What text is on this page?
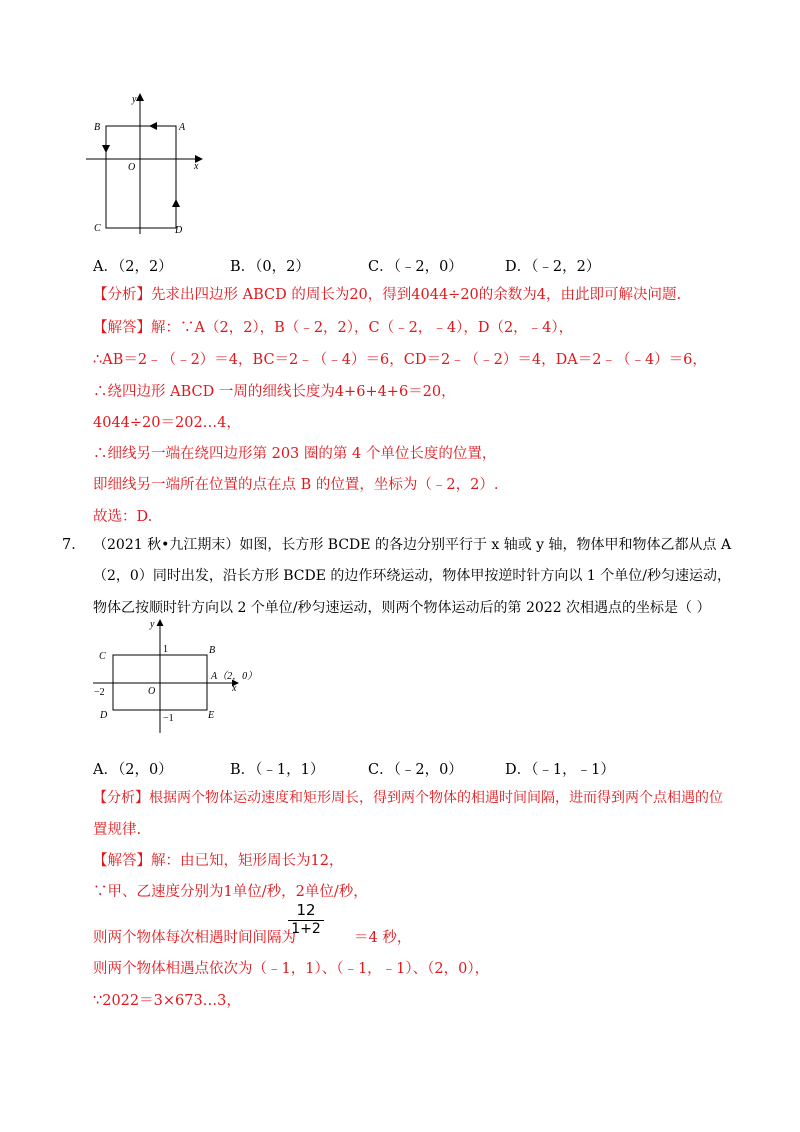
y
x
O
A
B
C	D
A．（2，2）	B．（0，2）	C．（﹣2，0）	D．（﹣2，2）
【分析】先求出四边形 ABCD 的周长为20，得到4044÷20的余数为4，由此即可解决问题.
【解答】解：∵A（2，2），B（﹣2，2），C（﹣2，﹣4），D（2，﹣4），
∴AB＝2﹣（﹣2）＝4，BC＝2﹣（﹣4）＝6，CD＝2﹣（﹣2）＝4，DA＝2﹣（﹣4）＝6，
∴绕四边形 ABCD 一周的细线长度为4+6+4+6＝20，
4044÷20＝202…4，
∴细线另一端在绕四边形第 203 圈的第 4 个单位长度的位置，
即细线另一端所在位置的点在点 B 的位置，坐标为（﹣2，2）.
故选：D.
7． （2021 秋•九江期末）如图，长方形 BCDE 的各边分别平行于 x 轴或 y 轴，物体甲和物体乙都从点 A
（2，0）同时出发，沿长方形 BCDE 的边作环绕运动，物体甲按逆时针方向以 1 个单位/秒匀速运动，
物体乙按顺时针方向以 2 个单位/秒匀速运动，则两个物体运动后的第 2022 次相遇点的坐标是（ ）
y
x
O
1
−1
−2
A（2，0）
B
C
D	E
A．（2，0）	B．（﹣1，1）	C．（﹣2，0）	D．（﹣1，﹣1）
【分析】根据两个物体运动速度和矩形周长，得到两个物体的相遇时间间隔，进而得到两个点相遇的位
置规律.
【解答】解：由已知，矩形周长为12，
∵甲、乙速度分别为1单位/秒，2单位/秒，
则两个物体每次相遇时间间隔为	＝4 秒，
12
1+2
则两个物体相遇点依次为（﹣1，1）、（﹣1，﹣1）、（2，0），
∵2022＝3×673…3，
